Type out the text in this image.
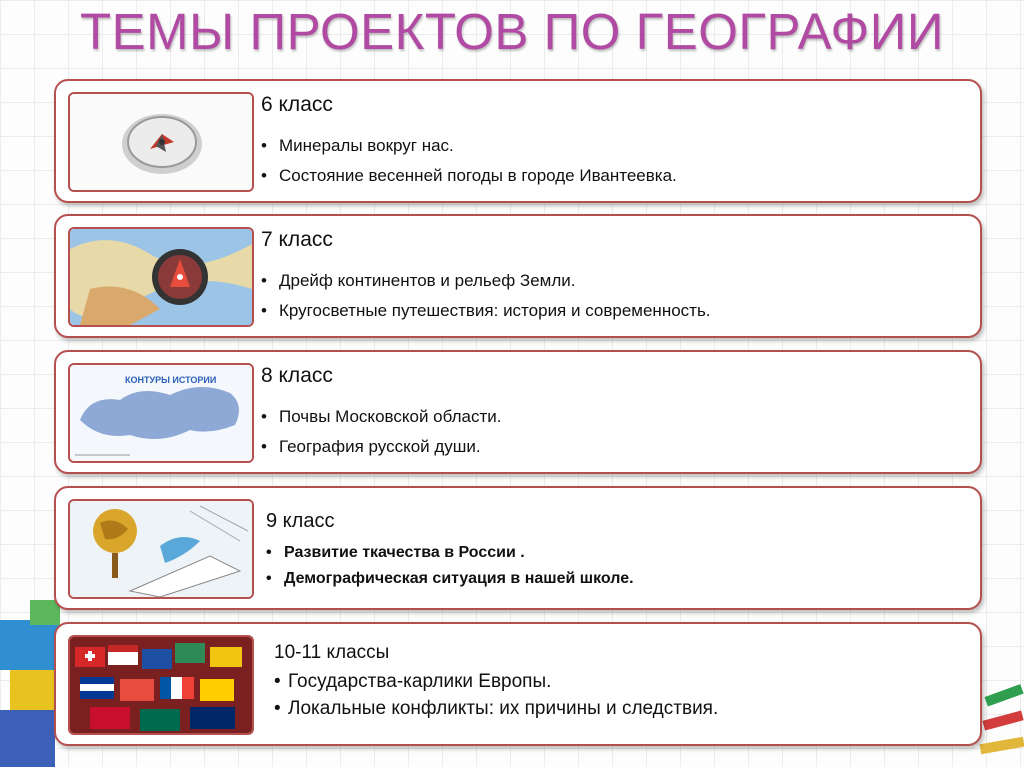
ТЕМЫ ПРОЕКТОВ ПО ГЕОГРАФИИ
6 класс
• Минералы вокруг нас.
• Состояние весенней погоды в городе Ивантеевка.
7 класс
• Дрейф континентов и рельеф Земли.
• Кругосветные путешествия: история и современность.
КОНТУРЫ ИСТОРИИ 8 класс
• Почвы Московской области.
• География русской души.
9 класс
• Развитие ткачества в России .
• Демографическая ситуация в нашей школе.
10-11 классы
• Государства-карлики Европы.
• Локальные конфликты: их причины и следствия.
